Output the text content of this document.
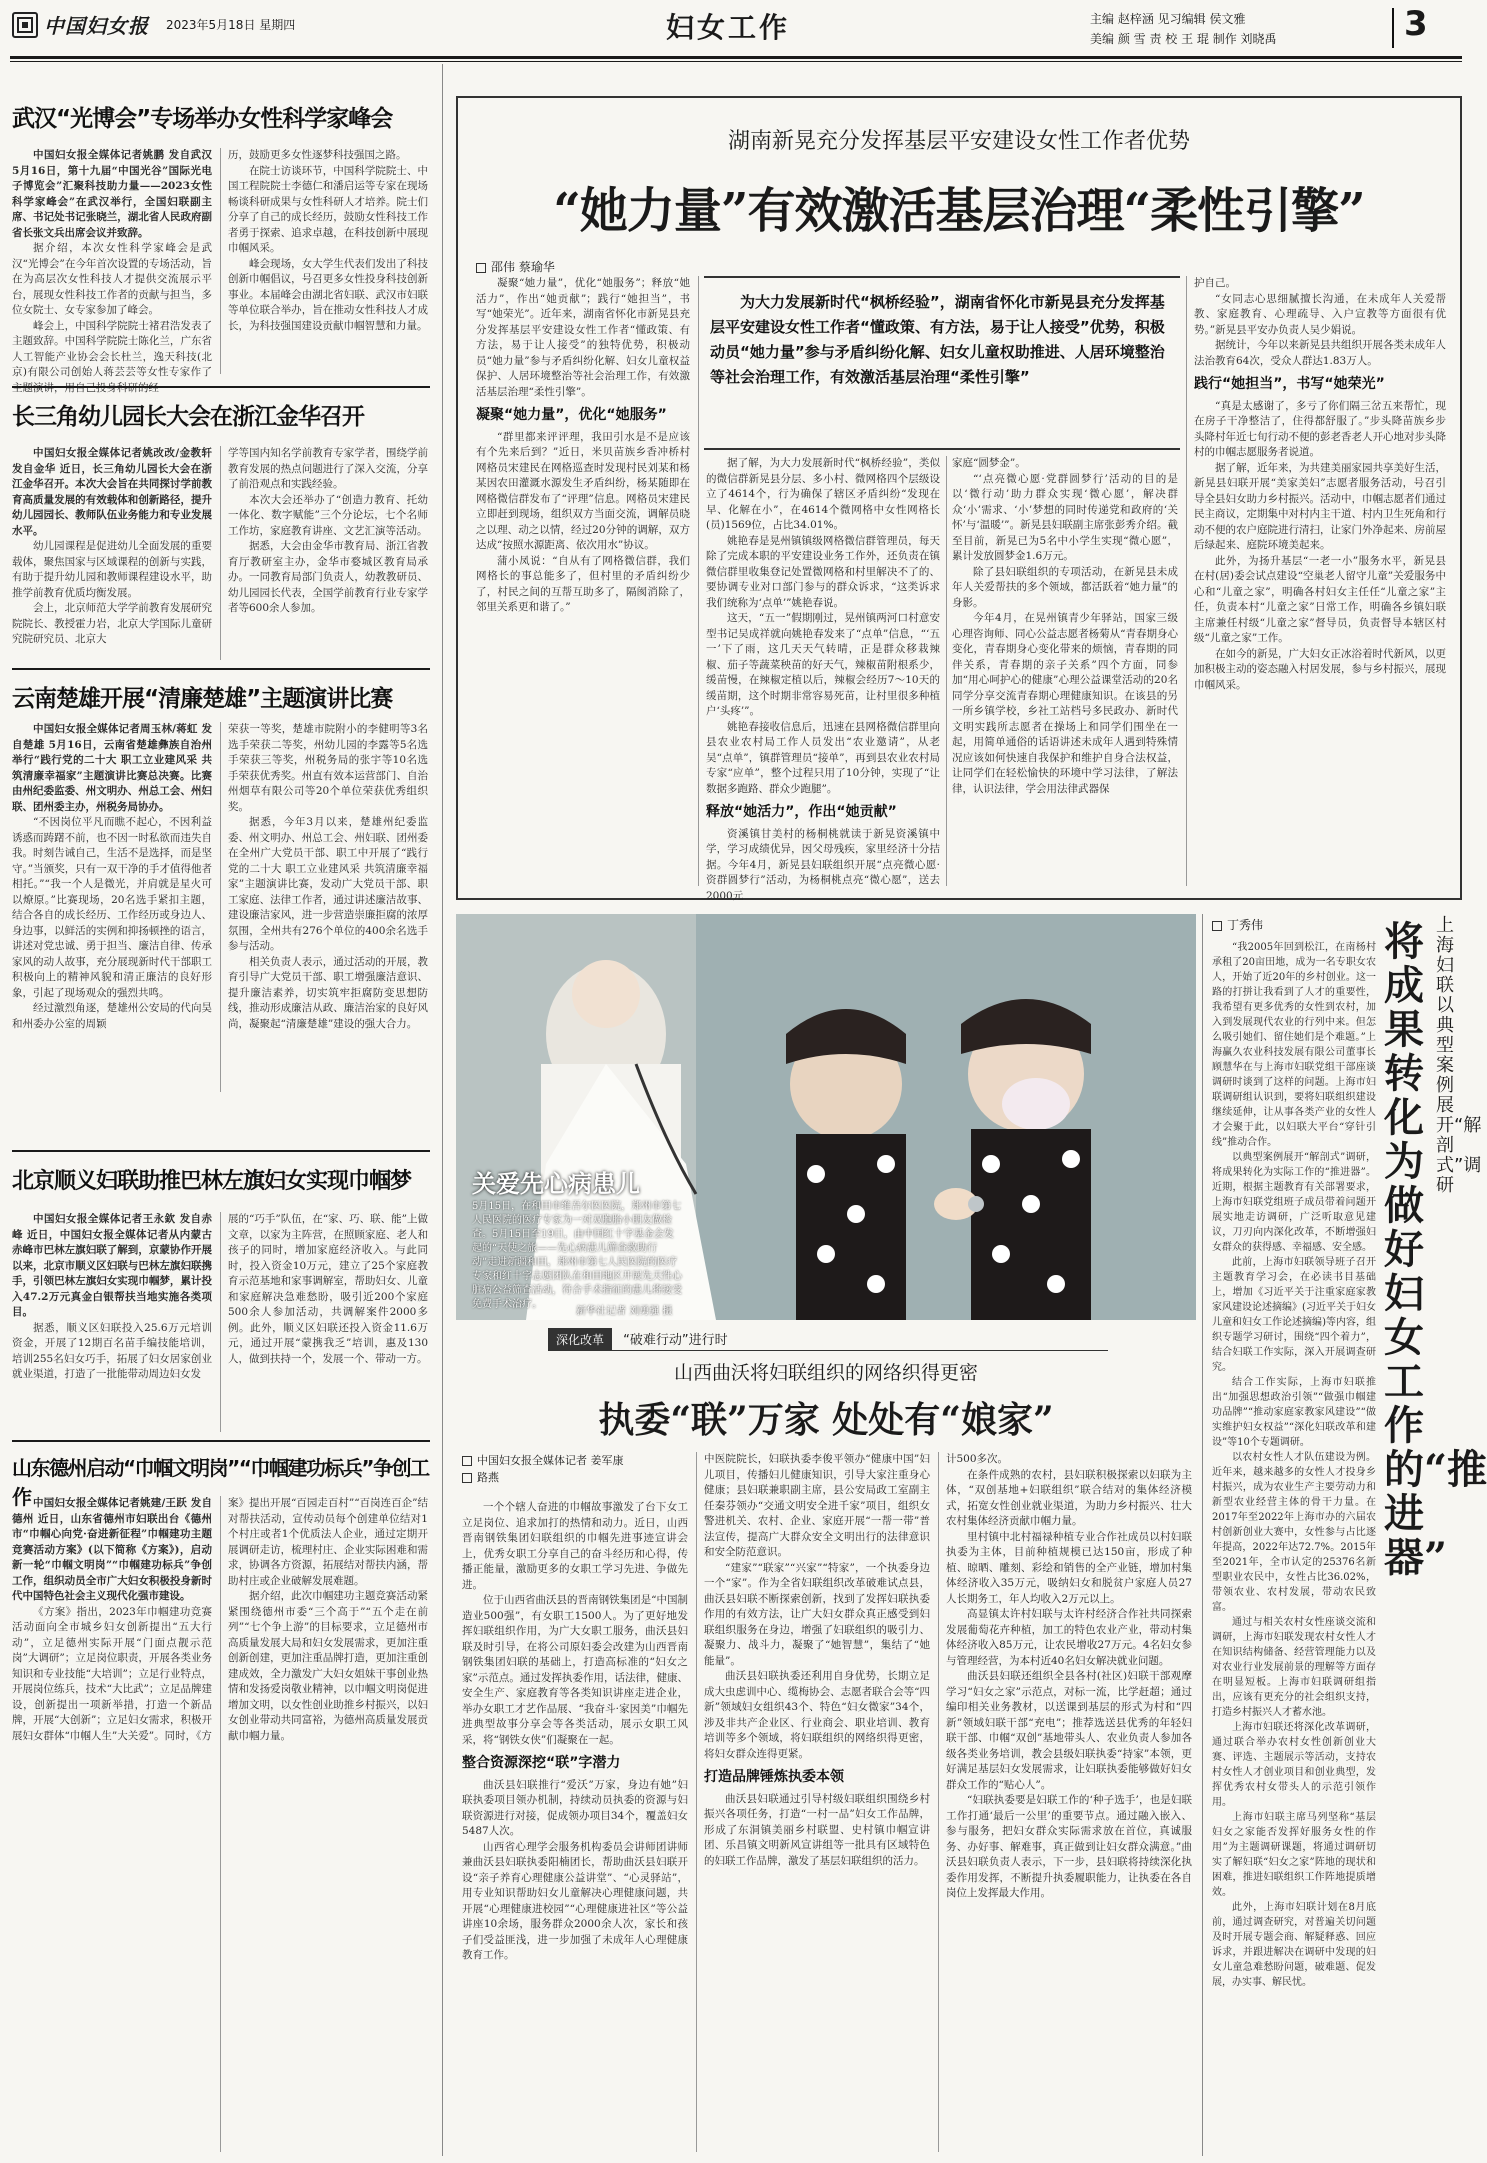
中国妇女报 2023年5月18日 星期四	妇女工作	主编 赵梓涵 见习编辑 侯文雅
美编 颜 雪 责 校 王 琨 制作 刘晓禹	3
武汉“光博会”专场举办女性科学家峰会

中国妇女报全媒体记者姚鹏 发自武汉 5月16日，第十九届“中国光谷”国际光电子博览会”汇聚科技助力量——2023女性科学家峰会”在武汉举行，全国妇联副主席、书记处书记张晓兰，湖北省人民政府副省长张文兵出席会议并致辞。

据介绍，本次女性科学家峰会是武汉“光博会”在今年首次设置的专场活动，旨在为高层次女性科技人才提供交流展示平台，展现女性科技工作者的贡献与担当，多位女院士、女专家参加了峰会。

峰会上，中国科学院院士褚君浩发表了主题致辞。中国科学院院士陈化兰，广东省人工智能产业协会会长杜兰，逸天科技(北京)有限公司创始人蒋芸芸等女性专家作了

历，鼓励更多女性逐梦科技强国之路。

在院士访谈环节，中国科学院院士、中国工程院院士李德仁和潘启运等专家在现场畅谈科研成果与女性科研人才培养。院士们分享了自己的成长经历，鼓励女性科技工作者勇于探索、追求卓越，在科技创新中展现巾帼风采。

峰会现场，女大学生代表们发出了科技创新巾帼倡议，号召更多女性投身科技创新事业。本届峰会由湖北省妇联、武汉市妇联等单位联合举办，旨在推动女性科技人才成长，为科技强国建设贡献巾帼智慧和力量。

长三角幼儿园长大会在浙江金华召开

中国妇女报全媒体记者姚改改/金教轩 发自金华 近日，长三角幼儿园长大会在浙江金华召开。本次大会旨在共同探讨学前教育高质量发展的有效载体和创新路径，提升幼儿园园长、教师队伍业务能力和专业发展水平。

幼儿园课程是促进幼儿全面发展的重要载体，聚焦国家与区域课程的创新与实践，有助于提升幼儿园和教师课程建设水平，助推学前教育优质均衡发展。

会上，北京师范大学学前教育发展研究院院长、教授霍力岩，北京大学国际儿童研究院研究员、北京大

学等国内知名学前教育专家学者，围绕学前教育发展的热点问题进行了深入交流，分享了前沿观点和实践经验。

本次大会还举办了“创造力教育、托幼一体化、数字赋能”三个分论坛，七个名师工作坊，家庭教育讲座、文艺汇演等活动。

据悉，大会由金华市教育局、浙江省教育厅教研室主办，金华市婺城区教育局承办。一同教育局部门负责人，幼教教研员、幼儿园园长代表，全国学前教育行业专家学者等600余人参加。

云南楚雄开展“清廉楚雄”主题演讲比赛

中国妇女报全媒体记者周玉林/蒋虹 发自楚雄 5月16日，云南省楚雄彝族自治州举行“践行党的二十大 职工立业建风采 共筑清廉幸福家”主题演讲比赛总决赛。比赛由州纪委监委、州文明办、州总工会、州妇联、团州委主办，州税务局协办。

“不因岗位平凡而瞧不起心，不因利益诱惑而踌躇不前，也不因一时私欲而违失自我。时刻告诫自己，生活不是选择，而是坚守。”当颁奖，只有一双干净的手才值得他者相托。”“我一个人是微光，并肩就是星火可以燎原。”比赛现场，20名选手紧扣主题，结合各自的成长经历、工作经历或身边人、身边事，以鲜活的实例和抑扬顿挫的语言，讲述对党忠诚、勇于担当、廉洁自律、传承家风的动人故事，充分展现新时代干部职工积极向上的精神风貌和清正廉洁的良好形象，引起了现场观众的强烈共鸣。

经过激烈角逐，楚雄州公安局的代向昊和州委办公室的周颖

荣获一等奖，楚雄市院附小的李健明等3名选手荣获二等奖，州幼儿园的李露等5名选手荣获三等奖，州税务局的张宇等10名选手荣获优秀奖。州直有效本运营部门、自治州烟草有限公司等20个单位荣获优秀组织奖。

据悉，今年3月以来，楚雄州纪委监委、州文明办、州总工会、州妇联、团州委在全州广大党员干部、职工中开展了“践行党的二十大 职工立业建风采 共筑清廉幸福家”主题演讲比赛，发动广大党员干部、职工家庭、法律工作者，通过讲述廉洁故事、建设廉洁家风，进一步营造崇廉拒腐的浓厚氛围，全州共有276个单位的400余名选手参与活动。

相关负责人表示，通过活动的开展，教育引导广大党员干部、职工增强廉洁意识、提升廉洁素养，切实筑牢拒腐防变思想防线，推动形成廉洁从政、廉洁治家的良好风尚，凝聚起“清廉楚雄”建设的强大合力。

北京顺义妇联助推巴林左旗妇女实现巾帼梦

中国妇女报全媒体记者王永欽 发自赤峰 近日，中国妇女报全媒体记者从内蒙古赤峰市巴林左旗妇联了解到，京蒙协作开展以来，北京市顺义区妇联与巴林左旗妇联携手，引领巴林左旗妇女实现巾帼梦，累计投入47.2万元真金白银帮扶当地实施各类项目。

据悉，顺义区妇联投入25.6万元培训资金，开展了12期百名苗手编技能培训，培训255名妇女巧手，拓展了妇女居家创业就业渠道，打造了一批能带动周边妇女发

展的“巧手”队伍，在“家、巧、联、能”上做文章，以家为主阵营，在照顾家庭、老人和孩子的同时，增加家庭经济收入。与此同时，投入资金10万元，建立了25个家庭教育示范基地和家事调解室，帮助妇女、儿童和家庭解决急难愁盼，吸引近200个家庭500余人参加活动，共调解案件2000多例。此外，顺义区妇联还投入资金11.6万元，通过开展“蒙携我乏”培训，惠及130人，做到扶持一个，发展一个、带动一方。

山东德州启动“巾帼文明岗”“巾帼建功标兵”争创工作 中国妇女报全媒体记者姚建/王跃 发自德州 近日，山东省德州市妇联出台《德州市“巾帼心向党·奋进新征程”巾帼建功主题竞赛活动方案》(以下简称《方案》)，启动新一轮“巾帼文明岗”“巾帼建功标兵”争创工作，组织动员全市广大妇女积极投身新时代中国特色社会主义现代化强市建设。

《方案》指出，2023年巾帼建功竞赛活动面向全市城乡妇女创新提出“五大行动”，立足德州实际开展“门面点靓示范岗”大调研”；立足岗位职责，开展各类业务知识和专业技能“大培训”；立足行业特点，开展岗位练兵，技术“大比武”；立足品牌建设，创新提出一项新举措，打造一个新品牌，开展“大创新”；立足妇女需求，积极开展妇女群体“巾帼人生”大关爱”。同时，《方

案》提出开展“百园走百村”“百岗连百企”结对帮扶活动，宣传动员每个创建单位结对1个村庄或者1个优质法人企业，通过定期开展调研走访，梳理村庄、企业实际困难和需求，协调各方资源，拓展结对帮扶内涵，帮助村庄或企业破解发展难题。

据介绍，此次巾帼建功主题竞赛活动紧紧围绕德州市委“三个高于”“五个走在前列”“七个争上游”的目标要求，立足德州市高质量发展大局和妇女发展需求，更加注重创新创建，更加注重品牌打造，更加注重创建成效，全力激发广大妇女姐妹干事创业热情和发扬爱岗敬业精神，以巾帼文明岗促进增加文明，以女性创业助推乡村振兴，以妇女创业带动共同富裕，为德州高质量发展贡献巾帼力量。

湖南新晃充分发挥基层平安建设女性工作者优势
“她力量”有效激活基层治理“柔性引擎”
邵伟 蔡瑜华
为大力发展新时代“枫桥经验”，湖南省怀化市新晃县充分发挥基层平安建设女性工作者“懂政策、有方法，易于让人接受”优势，积极动员“她力量”参与矛盾纠纷化解、妇女儿童权助推进、人居环境整治等社会治理工作，有效激活基层治理“柔性引擎”

凝聚“她力量”，优化“她服务”；释放“她活力”，作出“她贡献”；践行“她担当”，书写“她荣光”。近年来，湖南省怀化市新晃县充分发挥基层平安建设女性工作者“懂政策、有方法，易于让人接受”的独特优势，积极动员“她力量”参与矛盾纠纷化解、妇女儿童权益保护、人居环境整治等社会治理工作，有效激活基层治理“柔性引擎”。

凝聚“她力量”，优化“她服务”

“群里都来评评理，我田引水是不是应该有个先来后到？”近日，米贝苗族乡香冲桥村网格员宋建民在网格巡查时发现村民刘某和杨某因农田灌溉水源发生矛盾纠纷，杨某随即在网格微信群发布了“评理”信息。网格员宋建民立即赶到现场，组织双方当面交流，调解员晓之以理、动之以情，经过20分钟的调解，双方达成“按照水源距离、依次用水”协议。

蒲小凤说：“自从有了网格微信群，我们网格长的事总能多了，但村里的矛盾纠纷少了，村民之间的互帮互助多了，隔阂消除了，邻里关系更和谐了。”

据了解，为大力发展新时代“枫桥经验”，类似的微信群新晃县分层、多小村、微网格四个层级设立了4614个，行为确保了辖区矛盾纠纷“发现在早、化解在小”，在4614个微网格中女性网格长(员)1569位，占比34.01%。

姚艳春是晃州镇镇级网格微信群管理员，每天除了完成本职的平安建设业务工作外，还负责在镇微信群里收集登记处置微网格和村里解决不了的、要协调专业对口部门参与的群众诉求，“这类诉求我们统称为‘点单’”姚艳春说。

这天，“五一”假期刚过，晃州镇两河口村意安型书记吴成祥就向姚艳春发来了“点单”信息，“‘五一’下了雨，这几天天气转晴，正是群众移栽辣椒、茄子等蔬菜秧苗的好天气，辣椒苗附根系少，缓苗慢，在辣椒定植以后，辣椒会经历7～10天的缓苗期，这个时期非常容易死苗，让村里很多种植户‘头疼’”。

姚艳春接收信息后，迅速在县网格微信群里向县农业农村局工作人员发出“农业邀请”，从老吴“点单”，镇群管理员“接单”，再到县农业农村局专家“应单”，整个过程只用了10分钟，实现了“让数据多跑路、群众少跑腿”。

释放“她活力”，作出“她贡献”

资溪镇甘美村的杨桐桃就读于新晃资溪镇中学，学习成绩优异，因父母残疾，家里经济十分拮据。今年4月，新晃县妇联组织开展“点亮微心愿·资群圆梦行”活动，为杨桐桃点亮“微心愿”，送去2000元

家庭“圆梦金”。

“‘点亮微心愿·党群圆梦行’活动的目的是以‘微行动’助力群众实现‘微心愿’，解决群众‘小’需求、‘小’梦想的同时传递党和政府的‘关怀’与‘温暖’”。新晃县妇联副主席张彭秀介绍。截至目前，新晃已为5名中小学生实现“微心愿”，累计发放圆梦金1.6万元。

除了县妇联组织的专项活动，在新晃县未成年人关爱帮扶的多个领域，都活跃着“她力量”的身影。

今年4月，在晃州镇青少年驿站，国家三级心理咨询师、同心公益志愿者杨菊从“青春期身心变化，青春期身心变化带来的烦恼，青春期的同伴关系，青春期的亲子关系”四个方面，同参加“用心呵护心的健康”心理公益课堂活动的20名同学分享交流青春期心理健康知识。在该县的另一所乡镇学校，乡社工站档号多民政办、新时代文明实践所志愿者在操场上和同学们围坐在一起，用简单通俗的话语讲述未成年人遇到特殊情况应该如何快速自我保护和维护自身合法权益，让同学们在轻松愉快的环境中学习法律，了解法律，认识法律，学会用法律武器保

护自己。

“女同志心思细腻擅长沟通，在未成年人关爱帮教、家庭教育、心理疏导、入户宣教等方面很有优势。”新晃县平安办负责人吴少娟说。

据统计，今年以来新晃县共组织开展各类未成年人法治教育64次，受众人群达1.83万人。

践行“她担当”，书写“她荣光”

“真是太感谢了，多亏了你们隔三岔五来帮忙，现在房子干净整洁了，住得都舒服了。”步头降苗族乡步头降村年近七旬行动不便的彭老香老人开心地对步头降村的巾帼志愿服务者说道。

据了解，近年来，为共建美丽家园共享美好生活，新晃县妇联开展“美家美妇”志愿者服务活动，号召引导全县妇女助力乡村振兴。活动中，巾帼志愿者们通过民主商议，定期集中对村内主干道、村内卫生死角和行动不便的农户庭院进行清扫，让家门外净起来、房前屋后绿起来、庭院环境美起来。

此外，为扬升基层“一老一小”服务水平，新晃县在村(居)委会试点建设“空巢老人留守儿童”关爱服务中心和“儿童之家”，明确各村妇女主任任“儿童之家”主任，负责本村“儿童之家”日常工作，明确各乡镇妇联主席兼任村级“儿童之家”督导员，负责督导本辖区村级“儿童之家”工作。

在如今的新晃，广大妇女正冰浴着时代新风，以更加积极主动的姿态融入村居发展，参与乡村振兴，展现巾帼风采。

关爱先心病患儿
5月15日，在和田市维吾尔医医院，郑州市第七人民医院的医疗专家为一对双胞胎小朋友做检查。5月15日至19日，由中国红十字基金会发起的“天使之旅——先心病患儿筛查救助行动”走进新疆和田，郑州市第七人民医院的医疗专家和红十字志愿团队在和田地区开展先天性心脏病公益筛查活动，符合手术指征的患儿将接受免费手术治疗。
新华社记者 刘勇强 摄
深化改革 “破难行动”进行时
山西曲沃将妇联组织的网络织得更密
执委“联”万家 处处有“娘家”
中国妇女报全媒体记者 姜军康
路燕

一个个辖人奋进的巾帼故事激发了台下女工立足岗位、追求加打的热情和动力。近日，山西晋南钢铁集团妇联组织的巾帼先进事迹宣讲会上，优秀女职工分享自己的奋斗经历和心得，传播正能量，激励更多的女职工学习先进、争做先进。

位于山西省曲沃县的晋南钢铁集团是“中国制造业500强”，有女职工1500人。为了更好地发挥妇联组织作用，为广大女职工服务，曲沃县妇联及时引导，在将公司原妇委会改建为山西晋南钢铁集团妇联的基础上，打造高标准的“妇女之家”示范点。通过发挥执委作用，话法律，健康、安全生产、家庭教育等各类知识讲座走进企业，举办女职工才艺作品展、“我奋斗·家因美”巾帼先进典型故事分享会等各类活动，展示女职工风采，将“钢铁女侠”们凝聚在一起。

整合资源深挖“联”字潜力

曲沃县妇联推行“爱沃”万家，身边有她”妇联执委项目领办机制，持续动员执委的资源与妇联资源进行对接，促成领办项目34个，覆盖妇女5487人次。

山西省心理学会服务机构委员会讲师团讲师兼曲沃县妇联执委阳楠团长，帮助曲沃县妇联开设“亲子养育心理健康公益讲堂”、“心灵驿站”，用专业知识帮助妇女儿童解决心理健康问题，共开展“心理健康进校园”“心理健康进社区”等公益讲座10余场，服务群众2000余人次，家长和孩子们受益匪浅，进一步加强了未成年人心理健康教育工作。

中医院院长，妇联执委李俊平领办“健康中国”妇儿项目，传播妇儿健康知识，引导大家注重身心健康；县妇联兼职副主席，县公安局政工室副主任秦芬领办“交通文明安全进千家”项目，组织女警进机关、农村、企业、家庭开展“一帮一带”普法宣传，提高广大群众安全文明出行的法律意识和安全防范意识。

“建家”“联家”“兴家”“特家”，一个执委身边一个“家”。作为全省妇联组织改革破难试点县，曲沃县妇联不断探索创新，找到了发挥妇联执委作用的有效方法，让广大妇女群众真正感受到妇联组织服务在身边，增强了妇联组织的吸引力、凝聚力、战斗力，凝聚了“她智慧”，集结了“她能量”。

曲沃县妇联执委还利用自身优势，长期立足成大虫虑训中心、缆梅协会、志愿者联合会等“四新”领域妇女组织43个、特色“妇女微家”34个，涉及非共产企业区、行业商会、职业培训、教育培训等多个领域，将妇联组织的网络织得更密，将妇女群众连得更紧。

打造品牌锤炼执委本领

曲沃县妇联通过引导村级妇联组织围绕乡村振兴各项任务，打造“一村一品”妇女工作品牌，形成了东洞镇美丽乡村联盟、史村镇巾帼宣讲团、乐昌镇文明新风宣讲组等一批具有区域特色的妇联工作品牌，激发了基层妇联组织的活力。

计500多次。

在条件成熟的农村，县妇联积极探索以妇联为主体，“双创基地+妇联组织”联合结对的集体经济模式，拓宽女性创业就业渠道，为助力乡村振兴、壮大农村集体经济贡献巾帼力量。

里村镇中北村福禄种植专业合作社成员以村妇联执委为主体，目前种植规模已达150亩，形成了种植、晾晒、雕刻、彩绘和销售的全产业链，增加村集体经济收入35万元，吸纳妇女和脱贫户家庭人员27人长期务工，年人均收入2万元以上。

高显镇太许村妇联与太许村经济合作社共同探索发展葡萄花卉种植，加工的特色农业产业，带动村集体经济收入85万元，让农民增收27万元。4名妇女参与管理经营，为本村近40名妇女解决就业问题。

曲沃县妇联还组织全县各村(社区)妇联干部观摩学习“妇女之家”示范点，对标一流，比学赶超；通过编印相关业务教材，以送课到基层的形式为村和“四新”领域妇联干部“充电”；推荐选送县优秀的年轻妇联干部、巾帼“双创”基地带头人、农业负责人参加各级各类业务培训，教会县级妇联执委“持家”本领，更好满足基层妇女发展需求，让妇联执委能够做好妇女群众工作的“贴心人”。

“妇联执委要是妇联工作的‘种子选手’，也是妇联工作打通‘最后一公里’的重要节点。通过融入嵌入、参与服务，把妇女群众实际需求放在首位，真诚服务、办好事、解难事，真正做到让妇女群众满意。”曲沃县妇联负责人表示，下一步，县妇联将持续深化执委作用发挥，不断提升执委履职能力，让执委在各自岗位上发挥最大作用。

丁秀伟	上海妇联以典型案例展开“解剖式”调研
将成果转化为做好妇女工作的“推进器”

“我2005年回到松江，在南杨村承租了20亩田地，成为一名专职女农人，开始了近20年的乡村创业。这一路的打拼让我看到了人才的重要性，我希望有更多优秀的女性到农村，加入到发展现代农业的行列中来。但怎么吸引她们、留住她们是个难题。”上海赢久农业科技发展有限公司董事长顾慧华在与上海市妇联党组干部座谈调研时谈到了这样的问题。上海市妇联调研组认识到，要将妇联组织建设继续延伸，让从事各类产业的女性人才会聚于此，以妇联大平台“穿针引线”推动合作。

以典型案例展开“解剖式”调研，将成果转化为实际工作的“推进器”。近期，根据主题教育有关部署要求，上海市妇联党组班子成员带着问题开展实地走访调研，广泛听取意见建议，刀刃向内深化改革，不断增强妇女群众的获得感、幸福感、安全感。

此前，上海市妇联领导班子召开主题教育学习会，在必读书目基础上，增加《习近平关于注重家庭家教家风建设论述摘编》(习近平关于妇女儿童和妇女工作论述摘编)等内容，组织专题学习研讨，围绕“四个着力”，结合妇联工作实际，深入开展调查研究。

结合工作实际，上海市妇联推出“加强思想政治引领”“做强巾帼建功品牌”“推动家庭家教家风建设”“做实维护妇女权益”“深化妇联改革和建设”等10个专题调研。

以农村女性人才队伍建设为例。近年来，越来越多的女性人才投身乡村振兴，成为农业生产主要劳动力和新型农业经营主体的骨干力量。在2017年至2022年上海市办的六届农村创新创业大赛中，女性参与占比逐年提高，2022年达72.7%。2015年至2021年，全市认定的25376名新型职业农民中，女性占比36.02%，带领农业、农村发展，带动农民致富。

通过与相关农村女性座谈交流和调研，上海市妇联发现农村女性人才在知识结构储备、经营管理能力以及对农业行业发展前景的理解等方面存在明显短板。上海市妇联调研组指出，应该有更充分的社会组织支持，打造乡村振兴人才蓄水池。

上海市妇联还将深化改革调研，通过联合举办农村女性创新创业大赛、评选、主题展示等活动，支持农村女性人才创业项目和创业典型，发挥优秀农村女带头人的示范引领作用。

上海市妇联主席马列坚称“基层妇女之家能否发挥好服务女性的作用”为主题调研课题，将通过调研切实了解妇联“妇女之家”阵地的现状和困难，推进妇联组织工作阵地提质增效。

此外，上海市妇联计划在8月底前，通过调查研究，对普遍关切问题及时开展专题会商、解疑释惑、回应诉求，并跟进解决在调研中发现的妇女儿童急难愁盼问题，破难题、促发展，办实事、解民忧。
